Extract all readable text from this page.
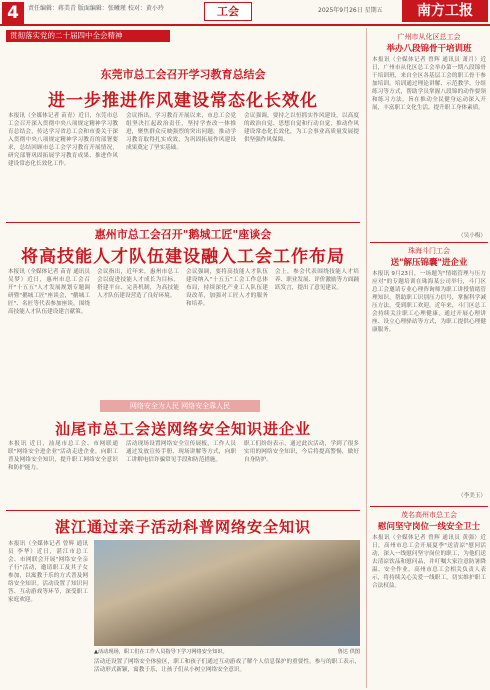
4	责任编辑：蒋美青 版面编辑：张曦瑾 校对：黄小玲	工会	2025年9月26日 星期五	南方工报
贯彻落实党的二十届四中全会精神
东莞市总工会召开学习教育总结会
进一步推进作风建设常态化长效化
本报讯（全媒体记者 苗青）近日，东莞市总工会召开深入贯彻中央八项规定精神学习教育总结会，传达学习省总工会和市委关于深入贯彻中央八项规定精神学习教育的部署要求，总结回顾市总工会学习教育开展情况，研究部署巩固拓展学习教育成果、推进作风建设常态化长效化工作。
会议指出，学习教育开展以来，市总工会党组坚决扛起政治责任，坚持学查改一体推进，聚焦群众反映强烈的突出问题，推动学习教育取得扎实成效，为巩固拓展作风建设成果奠定了坚实基础。
会议强调，要持之以恒抓实作风建设，以高度的政治自觉、思想自觉和行动自觉，推动作风建设常态化长效化，为工会事业高质量发展提供坚强作风保障。
惠州市总工会召开"鹅城工匠"座谈会
将高技能人才队伍建设融入工会工作布局
本报讯（全媒体记者 苗青 通讯员 吴梦）近日，惠州市总工会召开"十五五"人才发展规划专题调研暨"鹅城工匠"座谈会，"鹅城工匠"、名匠等代表参加座谈，围绕高技能人才队伍建设建言献策。
会议指出，近年来，惠州市总工会以促进技能人才成长为目标，搭建平台、完善机制，为高技能人才队伍建设营造了良好环境。
会议强调，要将高技能人才队伍建设纳入"十五五"工会工作总体布局，持续深化产业工人队伍建设改革，加强对工匠人才的服务和培养。
会上，参会代表围绕技能人才培养、职业发展、评价激励等方面踊跃发言，提出了意见建议。
网络安全为人民 网络安全靠人民
汕尾市总工会送网络安全知识进企业
本报讯 近日，汕尾市总工会、市网联通联"网络安全进企业"活动走进企业，向职工普及网络安全知识，提升职工网络安全意识和防护能力。
活动现场设置网络安全宣传展板，工作人员通过发放宣传手册、现场讲解等方式，向职工讲解电信诈骗常见手段和防范措施。
职工们纷纷表示，通过此次活动，学到了很多实用的网络安全知识，今后将提高警惕，做好自身防护。
湛江通过亲子活动科普网络安全知识
本报讯（全媒体记者 曾辉 通讯员 李华）近日，湛江市总工会、市网联会开展"网络安全亲子行"活动，邀请职工及其子女参加，以寓教于乐的方式普及网络安全知识。活动设置了知识问答、互动游戏等环节，深受职工家庭欢迎。
▲活动现场，职工们在工作人员指导下学习网络安全知识。	鲁达 供图
活动还设置了网络安全体验区，职工和孩子们通过互动游戏了解个人信息保护的重要性。参与的职工表示，活动形式新颖，寓教于乐，让孩子们从小树立网络安全意识。
广州市从化区总工会
举办八段锦骨干培训班
本报讯（全媒体记者 曾辉 通讯员 萧月）近日，广州市从化区总工会举办第一期八段锦骨干培训班，来自全区各基层工会的职工骨干参加培训。培训通过理论讲解、示范教学、分组练习等方式，帮助学员掌握八段锦的动作要领和练习方法，旨在推动全民健身运动深入开展，丰富职工文化生活，提升职工身体素质。
（吴小梅）
珠海斗门工会
送"解压锦囊"进企业
本报讯 9月23日，一场题为"情绪管理与压力应对"的专题培训在珠海某公司举行，斗门区总工会邀请专业心理咨询师为职工讲授情绪管理知识，帮助职工识别压力信号，掌握科学减压方法，受到职工欢迎。近年来，斗门区总工会持续关注职工心理健康，通过开展心理讲座、设立心理驿站等方式，为职工提供心理健康服务。
（李美玉）
茂名高州市总工会
慰问坚守岗位一线安全卫士
本报讯（全媒体记者 曾辉 通讯员 黄强）近日，高州市总工会开展夏季"送清凉"慰问活动，深入一线慰问坚守岗位的职工，为他们送去清凉饮品和慰问品，并叮嘱大家注意防暑降温、安全作业。高州市总工会相关负责人表示，将持续关心关爱一线职工，切实维护职工合法权益。
